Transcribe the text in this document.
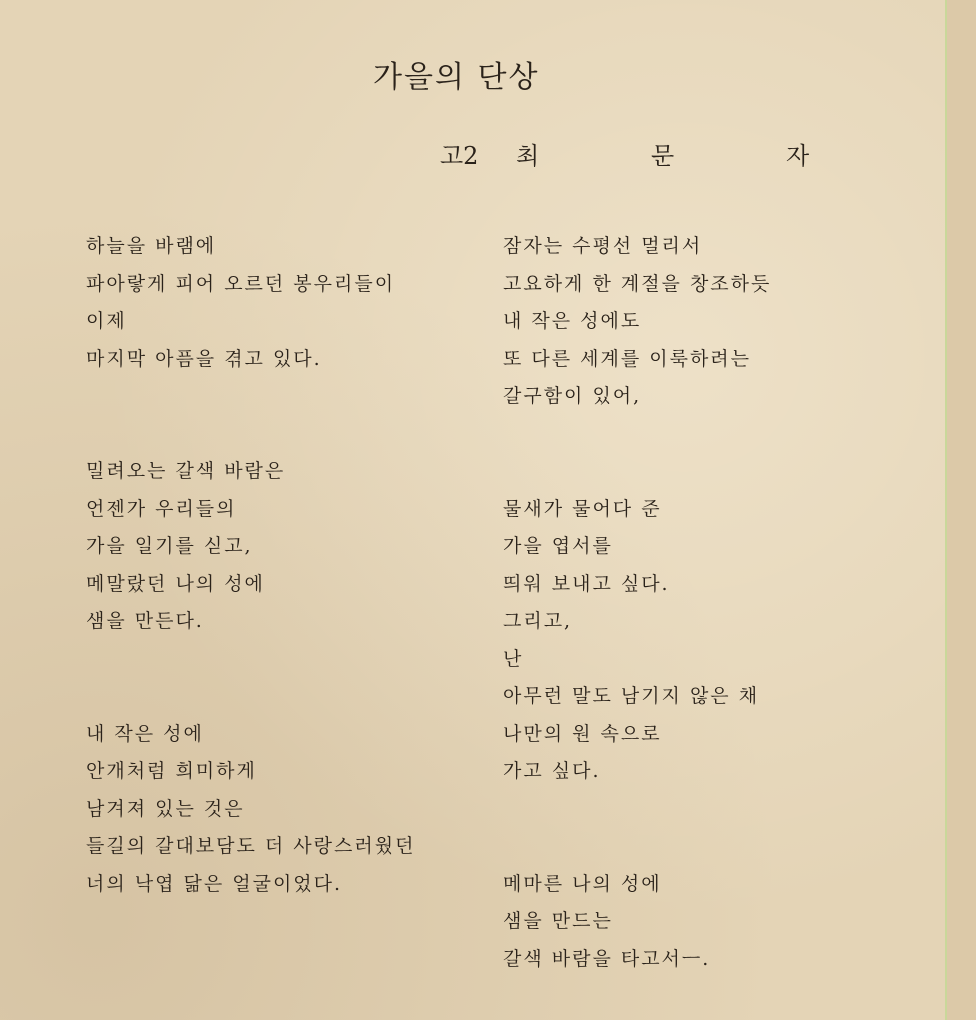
가을의 단상
고2 최	문	자
하늘을 바램에
파아랗게 피어 오르던 봉우리들이
이제
마지막 아픔을 겪고 있다.
밀려오는 갈색 바람은
언젠가 우리들의
가을 일기를 싣고,
메말랐던 나의 성에
샘을 만든다.
내 작은 성에
안개처럼 희미하게
남겨져 있는 것은
들길의 갈대보담도 더 사랑스러웠던
너의 낙엽 닮은 얼굴이었다.
잠자는 수평선 멀리서
고요하게 한 계절을 창조하듯
내 작은 성에도
또 다른 세계를 이룩하려는
갈구함이 있어,
물새가 물어다 준
가을 엽서를
띄워 보내고 싶다.
그리고,
난
아무런 말도 남기지 않은 채
나만의 원 속으로
가고 싶다.
메마른 나의 성에
샘을 만드는
갈색 바람을 타고서ㅡ.
